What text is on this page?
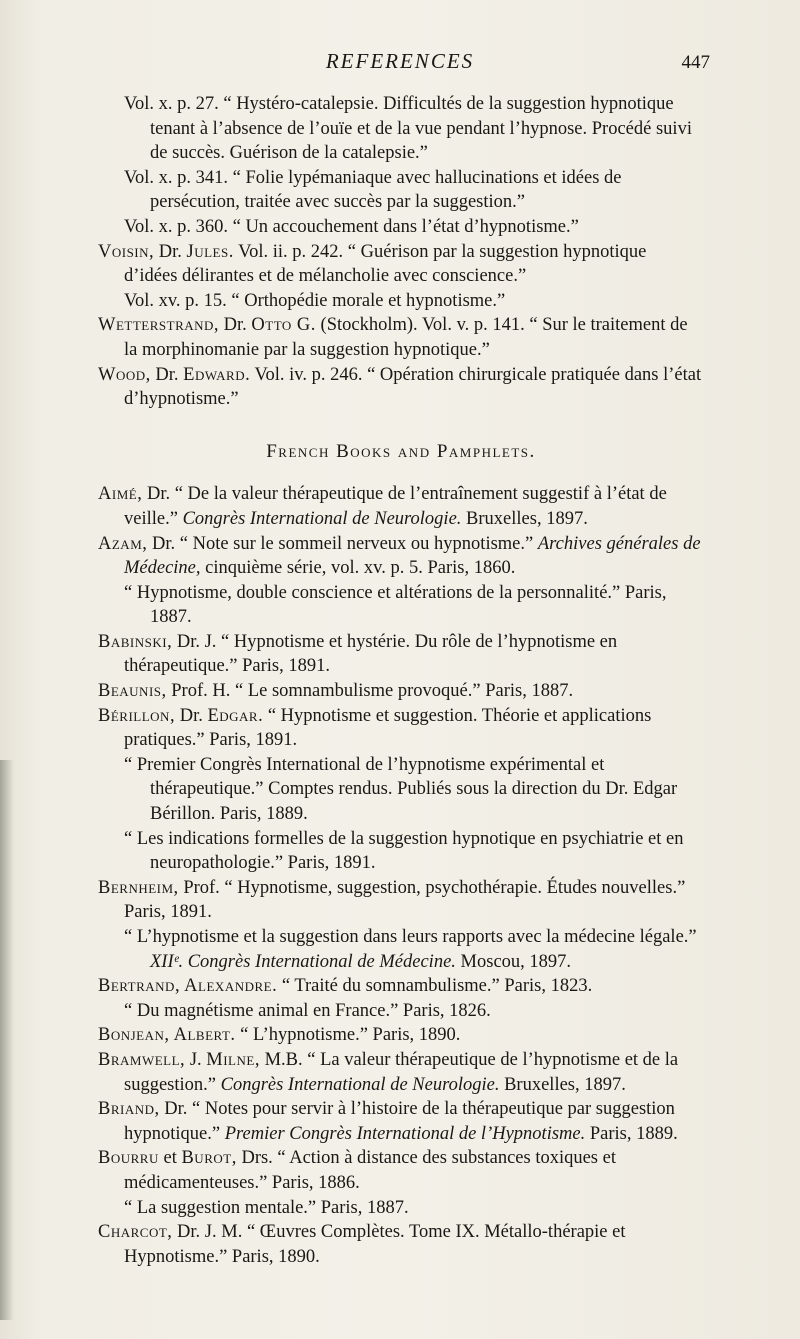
REFERENCES	447

Vol. x. p. 27. “ Hystéro-catalepsie. Difficultés de la suggestion hypnotique tenant à l’absence de l’ouïe et de la vue pendant l’hypnose. Procédé suivi de succès. Guérison de la catalepsie.”

Vol. x. p. 341. “ Folie lypémaniaque avec hallucinations et idées de persécution, traitée avec succès par la suggestion.”

Vol. x. p. 360. “ Un accouchement dans l’état d’hypnotisme.”

Voisin, Dr. Jules. Vol. ii. p. 242. “ Guérison par la suggestion hypnotique d’idées délirantes et de mélancholie avec conscience.”

Vol. xv. p. 15. “ Orthopédie morale et hypnotisme.”

Wetterstrand, Dr. Otto G. (Stockholm). Vol. v. p. 141. “ Sur le traitement de la morphinomanie par la suggestion hypnotique.”

Wood, Dr. Edward. Vol. iv. p. 246. “ Opération chirurgicale pratiquée dans l’état d’hypnotisme.”

French Books and Pamphlets.

Aimé, Dr. “ De la valeur thérapeutique de l’entraînement suggestif à l’état de veille.” Congrès International de Neurologie. Bruxelles, 1897.

Azam, Dr. “ Note sur le sommeil nerveux ou hypnotisme.” Archives générales de Médecine, cinquième série, vol. xv. p. 5. Paris, 1860.

“ Hypnotisme, double conscience et altérations de la personnalité.” Paris, 1887.

Babinski, Dr. J. “ Hypnotisme et hystérie. Du rôle de l’hypnotisme en thérapeutique.” Paris, 1891.

Beaunis, Prof. H. “ Le somnambulisme provoqué.” Paris, 1887.

Bérillon, Dr. Edgar. “ Hypnotisme et suggestion. Théorie et applications pratiques.” Paris, 1891.

“ Premier Congrès International de l’hypnotisme expérimental et thérapeutique.” Comptes rendus. Publiés sous la direction du Dr. Edgar Bérillon. Paris, 1889.

“ Les indications formelles de la suggestion hypnotique en psychiatrie et en neuropathologie.” Paris, 1891.

Bernheim, Prof. “ Hypnotisme, suggestion, psychothérapie. Études nouvelles.” Paris, 1891.

“ L’hypnotisme et la suggestion dans leurs rapports avec la médecine légale.” XIIᵉ. Congrès International de Médecine. Moscou, 1897.

Bertrand, Alexandre. “ Traité du somnambulisme.” Paris, 1823.

“ Du magnétisme animal en France.” Paris, 1826.

Bonjean, Albert. “ L’hypnotisme.” Paris, 1890.

Bramwell, J. Milne, M.B. “ La valeur thérapeutique de l’hypnotisme et de la suggestion.” Congrès International de Neurologie. Bruxelles, 1897.

Briand, Dr. “ Notes pour servir à l’histoire de la thérapeutique par suggestion hypnotique.” Premier Congrès International de l’Hypnotisme. Paris, 1889.

Bourru et Burot, Drs. “ Action à distance des substances toxiques et médicamenteuses.” Paris, 1886.

“ La suggestion mentale.” Paris, 1887.

Charcot, Dr. J. M. “ Œuvres Complètes. Tome IX. Métallo-thérapie et Hypnotisme.” Paris, 1890.
